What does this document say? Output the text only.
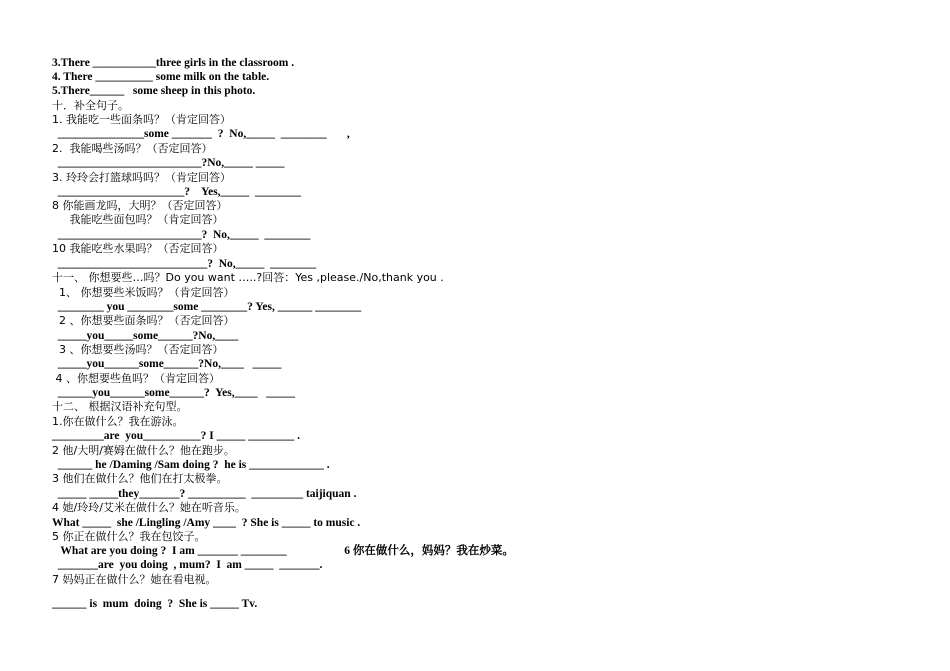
3.There ___________three girls in the classroom .
4. There __________ some milk on the table.
5.There______   some sheep in this photo.
十．补全句子。
1. 我能吃一些面条吗？（肯定回答）
_______________some _______  ?  No,_____  ________       ,
2.  我能喝些汤吗？（否定回答）
_________________________?No,_____ _____
3. 玲玲会打篮球吗吗？（肯定回答）
______________________?    Yes,_____  ________
8 你能画龙吗，大明？（否定回答）
我能吃些面包吗？（肯定回答）
_________________________?  No,_____  ________
10 我能吃些水果吗？（否定回答）
__________________________?  No,_____  ________
十一、 你想要些…吗？Do you want …..?回答：Yes ,please./No,thank you .
1、 你想要些米饭吗？（肯定回答）
________ you ________some ________? Yes, ______ ________
2 、你想要些面条吗？（否定回答）
_____you_____some______?No,____
3 、你想要些汤吗？（否定回答）
_____you______some______?No,____   _____
4 、你想要些鱼吗？（肯定回答）
______you______some______?  Yes,____   _____
十二、 根据汉语补充句型。
1.你在做什么？我在游泳。
_________are  you__________? I _____ ________ .
2 他/大明/赛姆在做什么？他在跑步。
______ he /Daming /Sam doing ?  he is _____________ .
3 他们在做什么？他们在打太极拳。
_____ _____they_______? __________  _________ taijiquan .
4 她/玲玲/艾米在做什么？她在听音乐。
What _____  she /Lingling /Amy ____  ? She is _____ to music .
5 你正在做什么？我在包饺子。
What are you doing ?  I am _______ ________                    6 你在做什么，妈妈？我在炒菜。
_______are  you doing  , mum?  I  am _____  _______.
7 妈妈正在做什么？她在看电视。
______ is  mum  doing  ?  She is _____ Tv.
